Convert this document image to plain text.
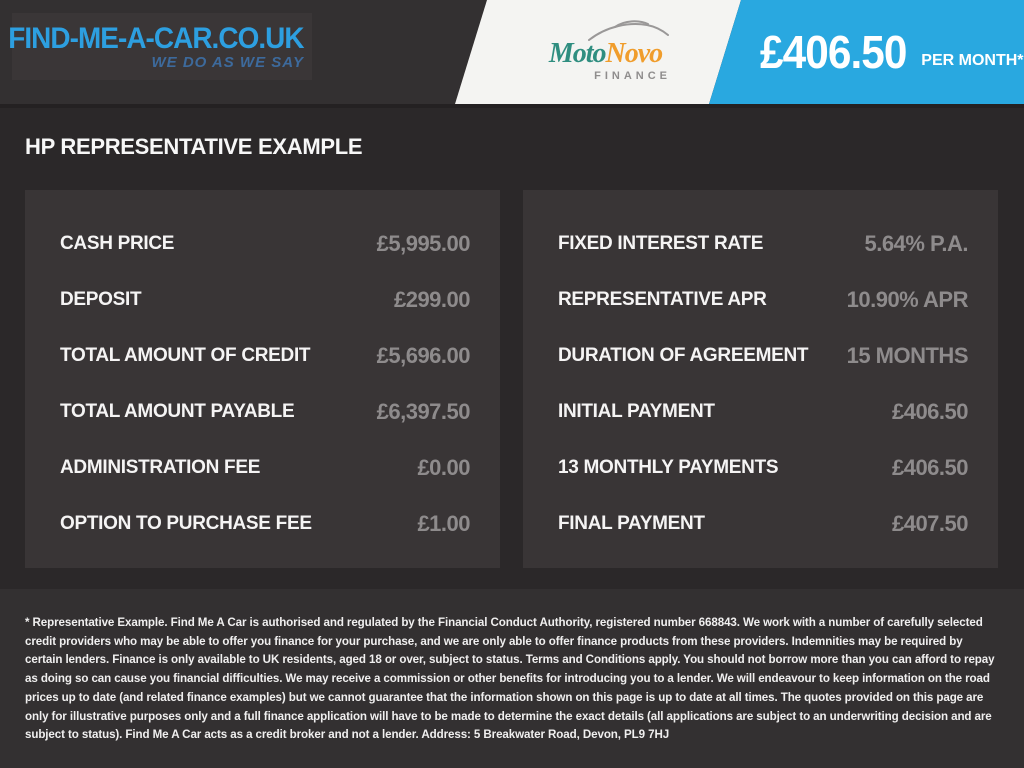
FIND-ME-A-CAR.CO.UK
WE DO AS WE SAY	MotoNovo
FINANCE £406.50 PER MONTH*
HP REPRESENTATIVE EXAMPLE
CASH PRICE	£5,995.00
DEPOSIT	£299.00
TOTAL AMOUNT OF CREDIT	£5,696.00
TOTAL AMOUNT PAYABLE	£6,397.50
ADMINISTRATION FEE	£0.00
OPTION TO PURCHASE FEE	£1.00
FIXED INTEREST RATE	5.64% P.A.
REPRESENTATIVE APR	10.90% APR
DURATION OF AGREEMENT 15 MONTHS
INITIAL PAYMENT	£406.50
13 MONTHLY PAYMENTS	£406.50
FINAL PAYMENT	£407.50
* Representative Example. Find Me A Car is authorised and regulated by the Financial Conduct Authority, registered number 668843. We work with a number of carefully selected credit providers who may be able to offer you finance for your purchase, and we are only able to offer finance products from these providers. Indemnities may be required by certain lenders. Finance is only available to UK residents, aged 18 or over, subject to status. Terms and Conditions apply. You should not borrow more than you can afford to repay as doing so can cause you financial difficulties. We may receive a commission or other benefits for introducing you to a lender. We will endeavour to keep information on the road prices up to date (and related finance examples) but we cannot guarantee that the information shown on this page is up to date at all times. The quotes provided on this page are only for illustrative purposes only and a full finance application will have to be made to determine the exact details (all applications are subject to an underwriting decision and are subject to status). Find Me A Car acts as a credit broker and not a lender. Address: 5 Breakwater Road, Devon, PL9 7HJ
